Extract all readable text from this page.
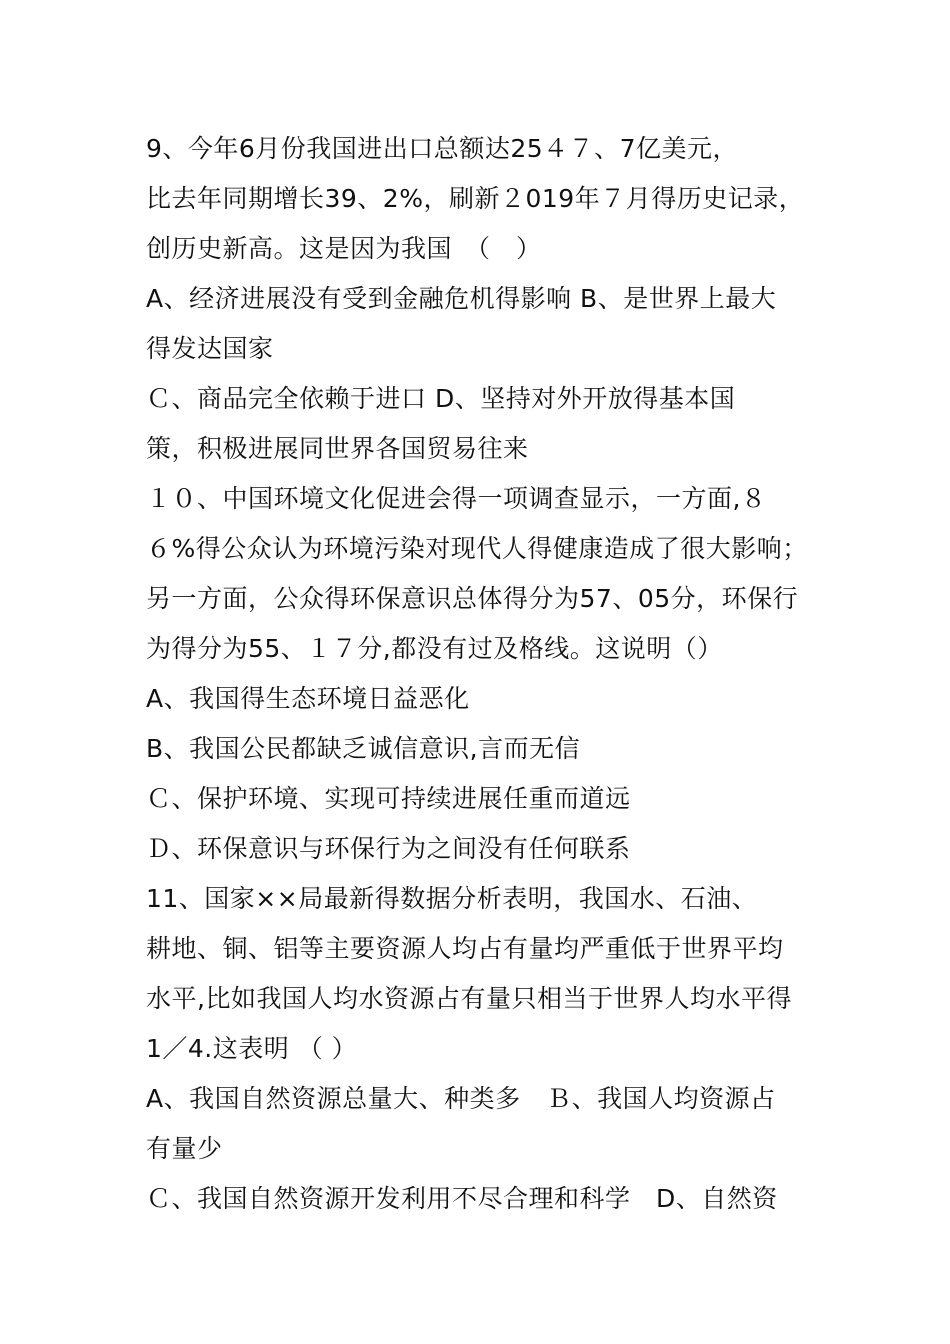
9、今年6月份我国进出口总额达25４７、7亿美元，
比去年同期增长39、2%，刷新２019年７月得历史记录，
创历史新高。这是因为我国　（　）
A、经济进展没有受到金融危机得影响 B、是世界上最大
得发达国家
Ｃ、商品完全依赖于进口 D、坚持对外开放得基本国
策，积极进展同世界各国贸易往来
１０、中国环境文化促进会得一项调查显示，一方面,８
６%得公众认为环境污染对现代人得健康造成了很大影响；
另一方面，公众得环保意识总体得分为57、05分，环保行
为得分为55、１７分,都没有过及格线。这说明（）
A、我国得生态环境日益恶化
B、我国公民都缺乏诚信意识,言而无信
Ｃ、保护环境、实现可持续进展任重而道远
Ｄ、环保意识与环保行为之间没有任何联系
11、国家××局最新得数据分析表明，我国水、石油、
耕地、铜、铝等主要资源人均占有量均严重低于世界平均
水平,比如我国人均水资源占有量只相当于世界人均水平得
1／4.这表明 （ ）
A、我国自然资源总量大、种类多　Ｂ、我国人均资源占
有量少
Ｃ、我国自然资源开发利用不尽合理和科学　D、自然资
